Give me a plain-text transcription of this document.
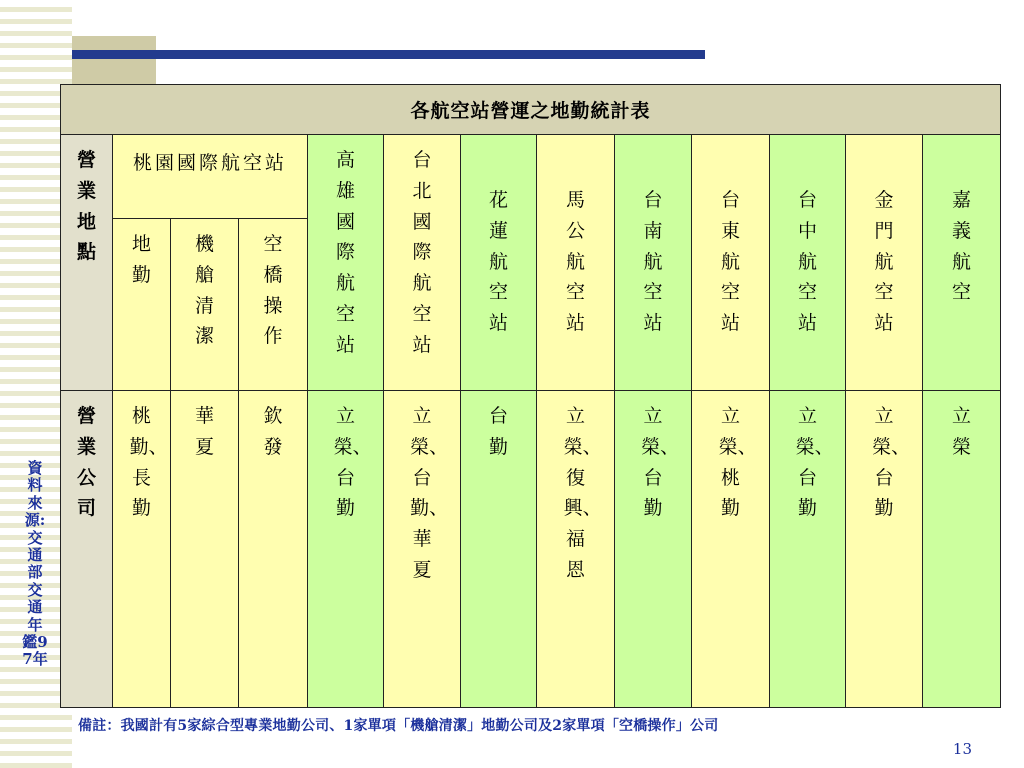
各航空站營運之地勤統計表												
營業地點	桃園國際航空站			高雄國際航空站	台北國際航空站	花蓮航空站	馬公航空站	台南航空站	台東航空站	台中航空站	金門航空站	嘉義航空
	地勤	機艙清潔	空橋操作									
營業公司	桃勤、長勤	華夏	欽發	立榮、台勤	立榮、台勤、華夏	台勤	立榮、復興、福恩	立榮、台勤	立榮、桃勤	立榮、台勤	立榮、台勤	立榮
資料來源:交通部交通年鑑97年
備註：我國計有5家綜合型專業地勤公司、1家單項「機艙清潔」地勤公司及2家單項「空橋操作」公司
13
